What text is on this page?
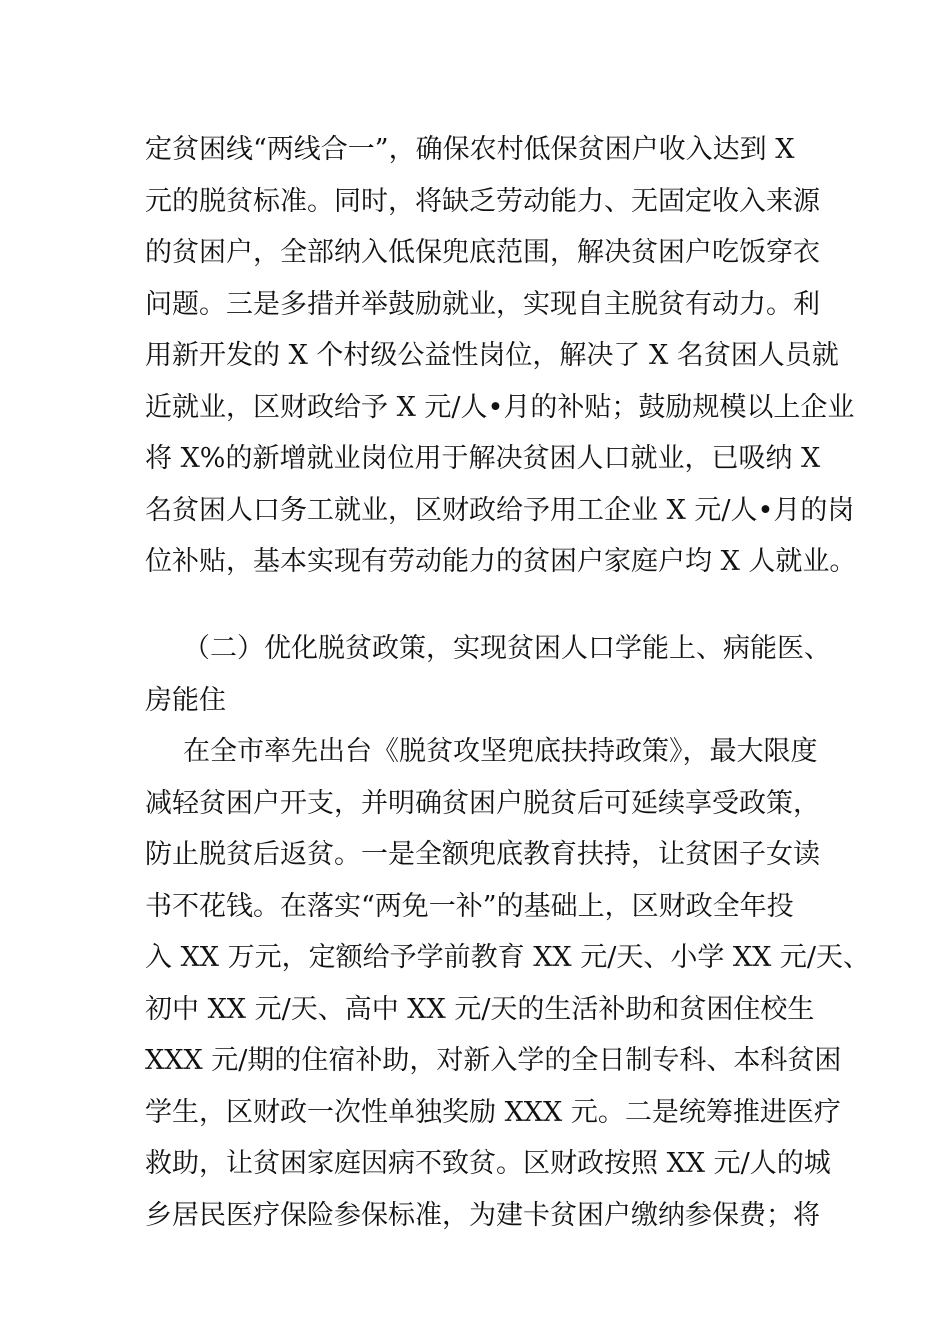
定贫困线“两线合一”，确保农村低保贫困户收入达到 X
元的脱贫标准。同时，将缺乏劳动能力、无固定收入来源
的贫困户，全部纳入低保兜底范围，解决贫困户吃饭穿衣
问题。三是多措并举鼓励就业，实现自主脱贫有动力。利
用新开发的 X 个村级公益性岗位，解决了 X 名贫困人员就
近就业，区财政给予 X 元/人•月的补贴；鼓励规模以上企业
将 X%的新增就业岗位用于解决贫困人口就业，已吸纳 X
名贫困人口务工就业，区财政给予用工企业 X 元/人•月的岗
位补贴，基本实现有劳动能力的贫困户家庭户均 X 人就业。
（二）优化脱贫政策，实现贫困人口学能上、病能医、
房能住
在全市率先出台《脱贫攻坚兜底扶持政策》，最大限度
减轻贫困户开支，并明确贫困户脱贫后可延续享受政策，
防止脱贫后返贫。一是全额兜底教育扶持，让贫困子女读
书不花钱。在落实“两免一补”的基础上，区财政全年投
入 XX 万元，定额给予学前教育 XX 元/天、小学 XX 元/天、
初中 XX 元/天、高中 XX 元/天的生活补助和贫困住校生
XXX 元/期的住宿补助，对新入学的全日制专科、本科贫困
学生，区财政一次性单独奖励 XXX 元。二是统筹推进医疗
救助，让贫困家庭因病不致贫。区财政按照 XX 元/人的城
乡居民医疗保险参保标准，为建卡贫困户缴纳参保费；将
